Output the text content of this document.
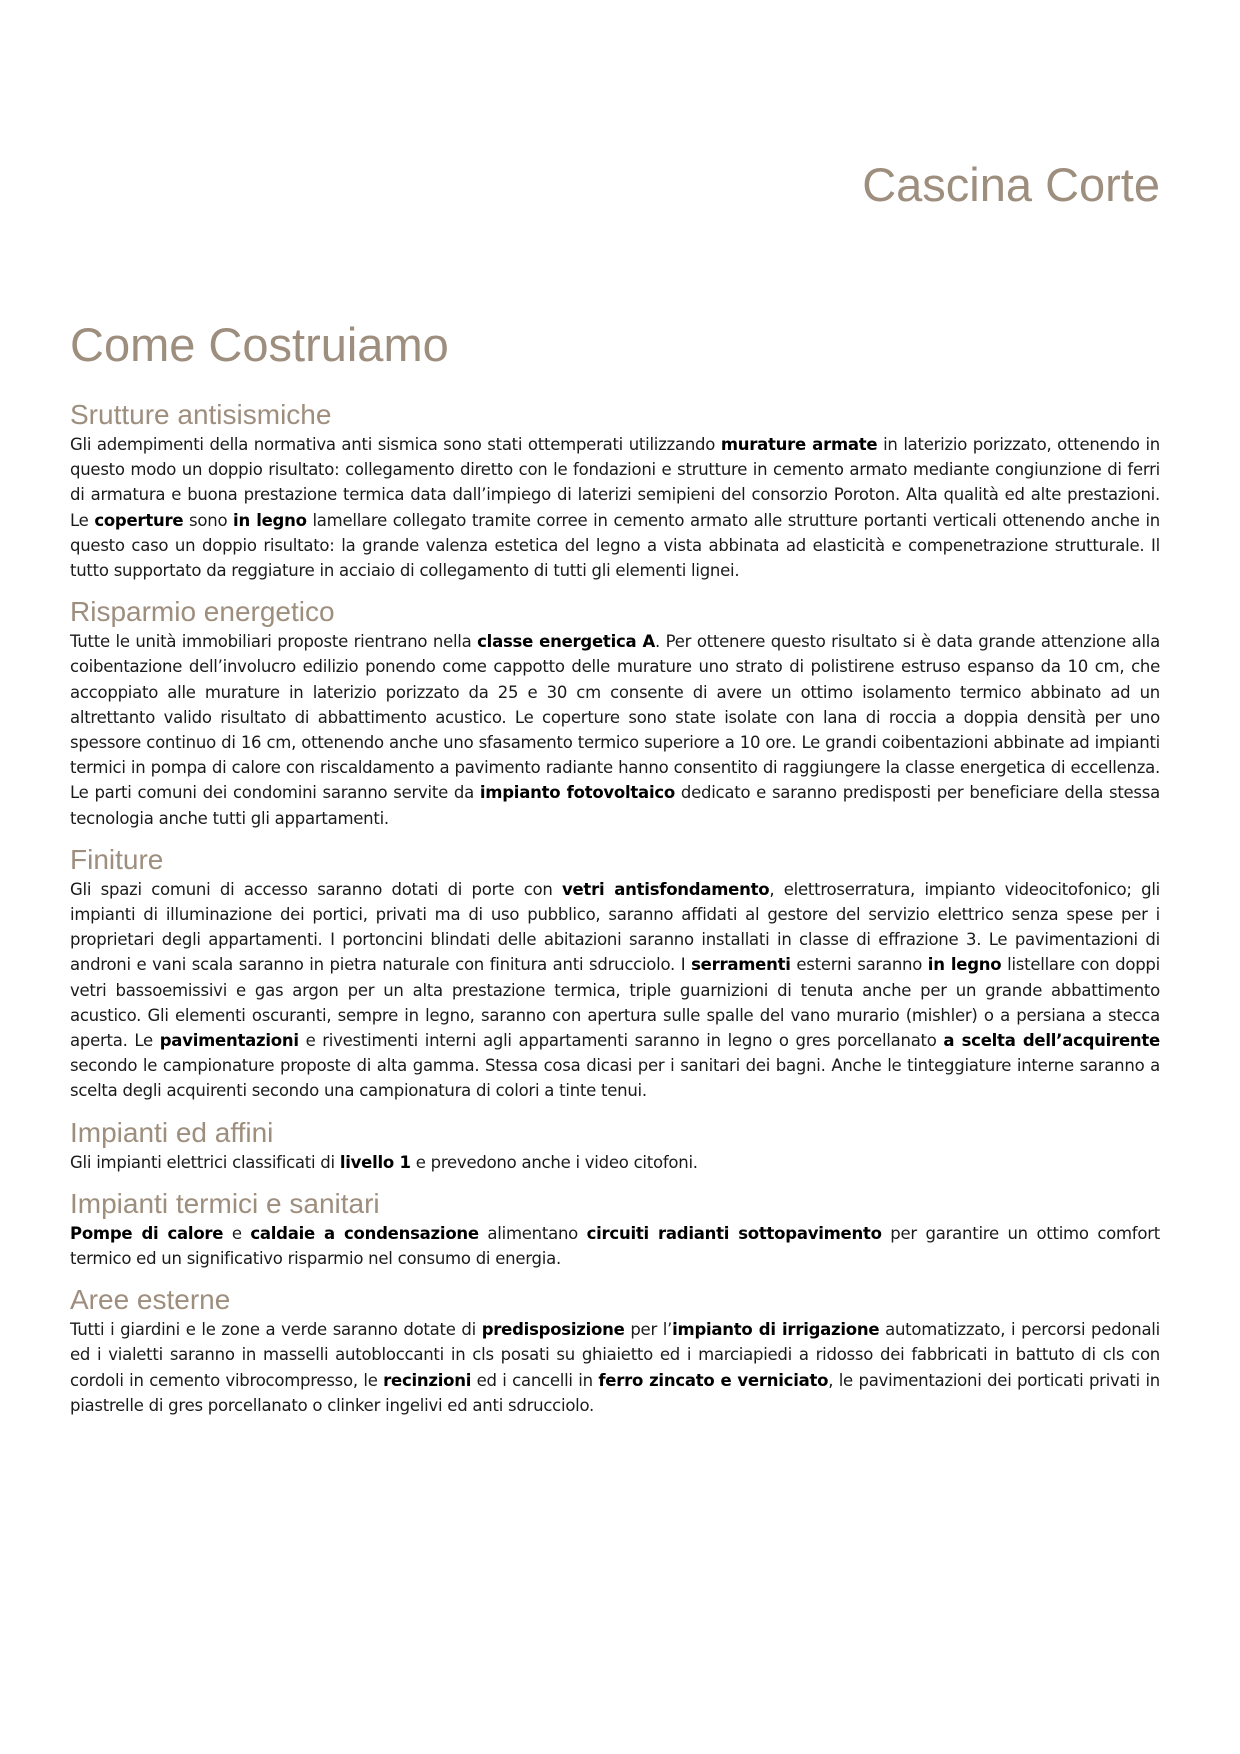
Cascina Corte
Come Costruiamo
Srutture antisismiche

Gli adempimenti della normativa anti sismica sono stati ottemperati utilizzando murature armate in laterizio porizzato, ottenendo in questo modo un doppio risultato: collegamento diretto con le fondazioni e strutture in cemento armato mediante congiunzione di ferri di armatura e buona prestazione termica data dall’impiego di laterizi semipieni del consorzio Poroton. Alta qualità ed alte prestazioni. Le coperture sono in legno lamellare collegato tramite corree in cemento armato alle strutture portanti verticali ottenendo anche in questo caso un doppio risultato: la grande valenza estetica del legno a vista abbinata ad elasticità e compenetrazione strutturale. Il tutto supportato da reggiature in acciaio di collegamento di tutti gli elementi lignei.

Risparmio energetico

Tutte le unità immobiliari proposte rientrano nella classe energetica A. Per ottenere questo risultato si è data grande attenzione alla coibentazione dell’involucro edilizio ponendo come cappotto delle murature uno strato di polistirene estruso espanso da 10 cm, che accoppiato alle murature in laterizio porizzato da 25 e 30 cm consente di avere un ottimo isolamento termico abbinato ad un altrettanto valido risultato di abbattimento acustico. Le coperture sono state isolate con lana di roccia a doppia densità per uno spessore continuo di 16 cm, ottenendo anche uno sfasamento termico superiore a 10 ore. Le grandi coibentazioni abbinate ad impianti termici in pompa di calore con riscaldamento a pavimento radiante hanno consentito di raggiungere la classe energetica di eccellenza. Le parti comuni dei condomini saranno servite da impianto fotovoltaico dedicato e saranno predisposti per beneficiare della stessa tecnologia anche tutti gli appartamenti.

Finiture

Gli spazi comuni di accesso saranno dotati di porte con vetri antisfondamento, elettroserratura, impianto videocitofonico; gli impianti di illuminazione dei portici, privati ma di uso pubblico, saranno affidati al gestore del servizio elettrico senza spese per i proprietari degli appartamenti. I portoncini blindati delle abitazioni saranno installati in classe di effrazione 3. Le pavimentazioni di androni e vani scala saranno in pietra naturale con finitura anti sdrucciolo. I serramenti esterni saranno in legno listellare con doppi vetri bassoemissivi e gas argon per un alta prestazione termica, triple guarnizioni di tenuta anche per un grande abbattimento acustico. Gli elementi oscuranti, sempre in legno, saranno con apertura sulle spalle del vano murario (mishler) o a persiana a stecca aperta. Le pavimentazioni e rivestimenti interni agli appartamenti saranno in legno o gres porcellanato a scelta dell’acquirente secondo le campionature proposte di alta gamma. Stessa cosa dicasi per i sanitari dei bagni. Anche le tinteggiature interne saranno a scelta degli acquirenti secondo una campionatura di colori a tinte tenui.

Impianti ed affini

Gli impianti elettrici classificati di livello 1 e prevedono anche i video citofoni.

Impianti termici e sanitari

Pompe di calore e caldaie a condensazione alimentano circuiti radianti sottopavimento per garantire un ottimo comfort termico ed un significativo risparmio nel consumo di energia.

Aree esterne

Tutti i giardini e le zone a verde saranno dotate di predisposizione per l’impianto di irrigazione automatizzato, i percorsi pedonali ed i vialetti saranno in masselli autobloccanti in cls posati su ghiaietto ed i marciapiedi a ridosso dei fabbricati in battuto di cls con cordoli in cemento vibrocompresso, le recinzioni ed i cancelli in ferro zincato e verniciato, le pavimentazioni dei porticati privati in piastrelle di gres porcellanato o clinker ingelivi ed anti sdrucciolo.
